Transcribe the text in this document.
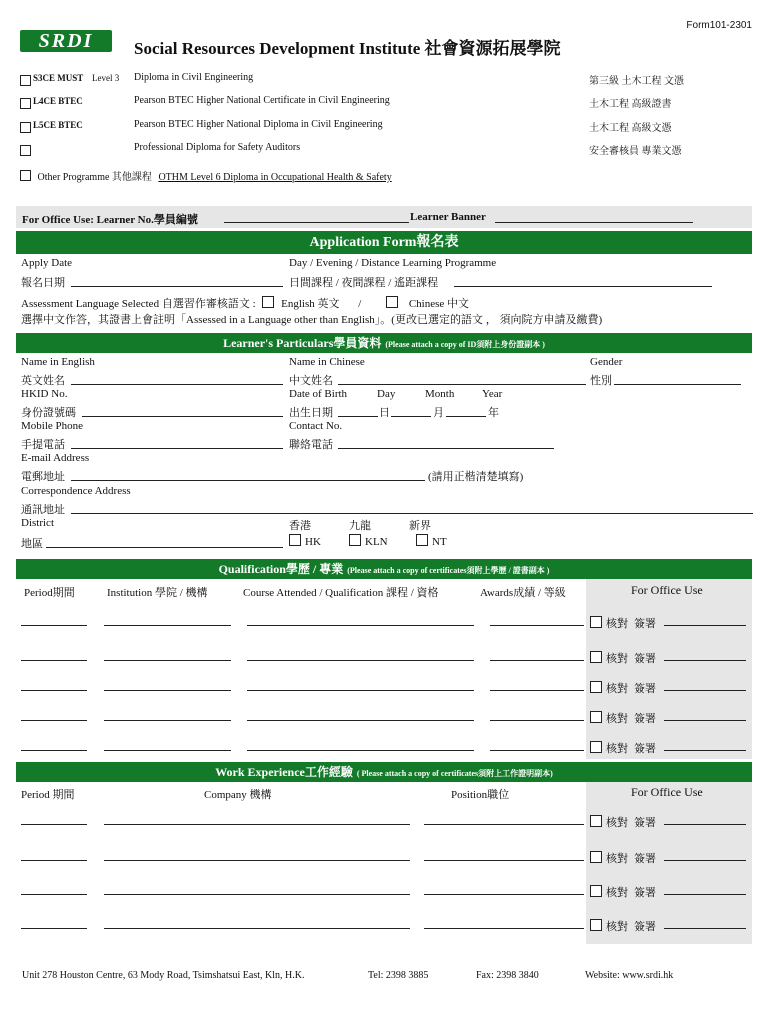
Form101-2301
SRDI	Social Resources Development Institute 社會資源拓展學院
S3CE MUST Level 3 Diploma in Civil Engineering	第三級 土木工程 文憑
L4CE BTEC	Pearson BTEC Higher National Certificate in Civil Engineering	土木工程 高級證書
L5CE BTEC	Pearson BTEC Higher National Diploma in Civil Engineering	土木工程 高級文憑
Professional Diploma for Safety Auditors	安全審核員 專業文憑
Other Programme 其他課程 OTHM Level 6 Diploma in Occupational Health & Safety
For Office Use: Learner No.學員編號	Learner Banner
Application Form報名表
Apply Date
報名日期
Day / Evening / Distance Learning Programme
日間課程 / 夜間課程 / 遙距課程
Assessment Language Selected 自選習作審核語文 : English 英文 /	Chinese 中文
選擇中文作答，其證書上會註明「Assessed in a Language other than English」。(更改已選定的語文 ， 須向院方申請及繳費)
Learner's Particulars學員資料 (Please attach a copy of ID須附上身份證副本 )
Name in English
英文姓名
Name in Chinese
中文姓名
Gender
性別
HKID No.
身份證號碼
Date of Birth	Day	Month	Year
出生日期	日	月	年
Mobile Phone
手提電話
Contact No.
聯絡電話
E-mail Address
電郵地址	(請用正楷清楚填寫)
Correspondence Address
通訊地址
District
地區
香港	九龍	新界
HK	KLN	NT
Qualification學歷 / 專業 (Please attach a copy of certificates須附上學歷 / 證書副本 )
Period期間	Institution 學院 / 機構	Course Attended / Qualification 課程 / 資格	Awards成績 / 等級	For Office Use
核對 簽署
核對 簽署
核對 簽署
核對 簽署
核對 簽署
Work Experience工作經驗 ( Please attach a copy of certificates須附上工作證明副本)
Period 期間	Company 機構	Position職位	For Office Use
核對 簽署
核對 簽署
核對 簽署
核對 簽署
Unit 278 Houston Centre, 63 Mody Road, Tsimshatsui East, Kln, H.K.	Tel: 2398 3885	Fax: 2398 3840	Website: www.srdi.hk
